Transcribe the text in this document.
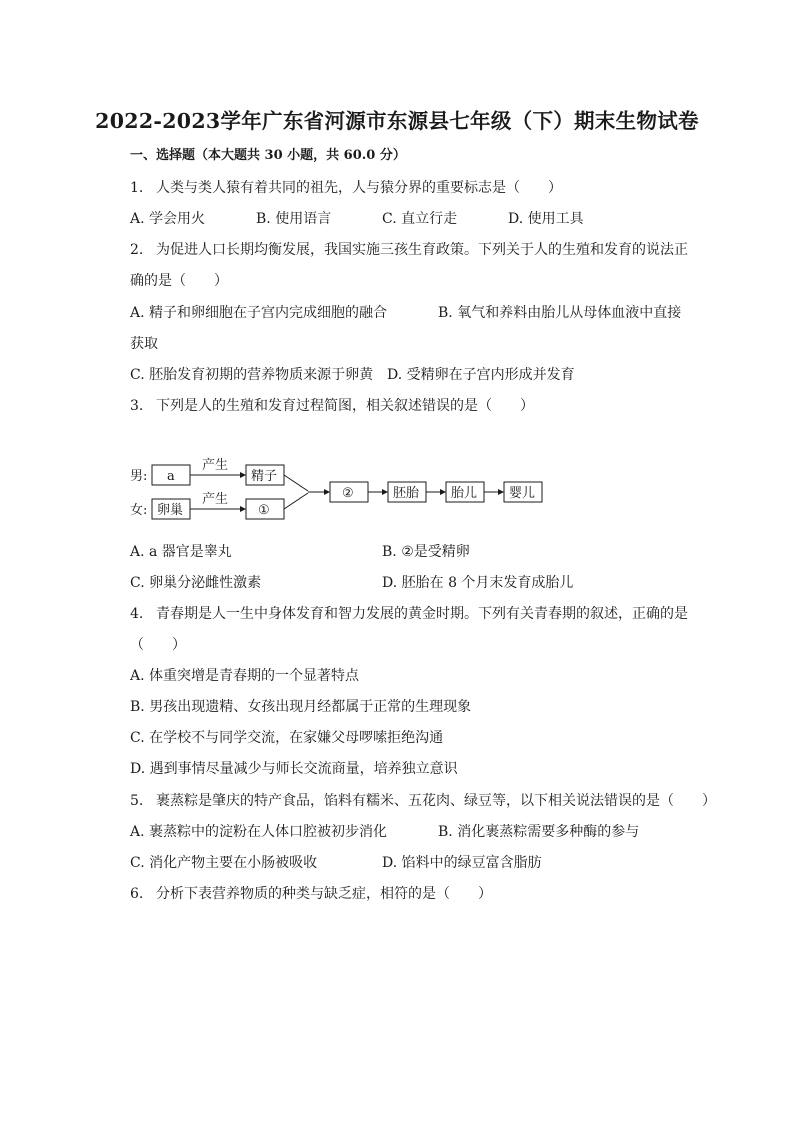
2022-2023学年广东省河源市东源县七年级（下）期末生物试卷
一、选择题（本大题共 30 小题，共 60.0 分）
1. 人类与类人猿有着共同的祖先，人与猿分界的重要标志是（　　）
A. 学会用火	B. 使用语言	C. 直立行走	D. 使用工具
2. 为促进人口长期均衡发展，我国实施三孩生育政策。下列关于人的生殖和发育的说法正
确的是（　　）
A. 精子和卵细胞在子宫内完成细胞的融合	B. 氧气和养料由胎儿从母体血液中直接
获取
C. 胚胎发育初期的营养物质来源于卵黄 D. 受精卵在子宫内形成并发育
3. 下列是人的生殖和发育过程简图，相关叙述错误的是（　　）
男:
女:
a
卵巢
产生
产生
精子
①
②	胚胎 胎儿 婴儿
A. a 器官是睾丸	B. ②是受精卵
C. 卵巢分泌雌性激素	D. 胚胎在 8 个月末发育成胎儿
4. 青春期是人一生中身体发育和智力发展的黄金时期。下列有关青春期的叙述，正确的是
（　　）
A. 体重突增是青春期的一个显著特点
B. 男孩出现遗精、女孩出现月经都属于正常的生理现象
C. 在学校不与同学交流，在家嫌父母啰嗦拒绝沟通
D. 遇到事情尽量减少与师长交流商量，培养独立意识
5. 裹蒸粽是肇庆的特产食品，馅料有糯米、五花肉、绿豆等，以下相关说法错误的是（　　）
A. 裹蒸粽中的淀粉在人体口腔被初步消化	B. 消化裹蒸粽需要多种酶的参与
C. 消化产物主要在小肠被吸收	D. 馅料中的绿豆富含脂肪
6. 分析下表营养物质的种类与缺乏症，相符的是（　　）
